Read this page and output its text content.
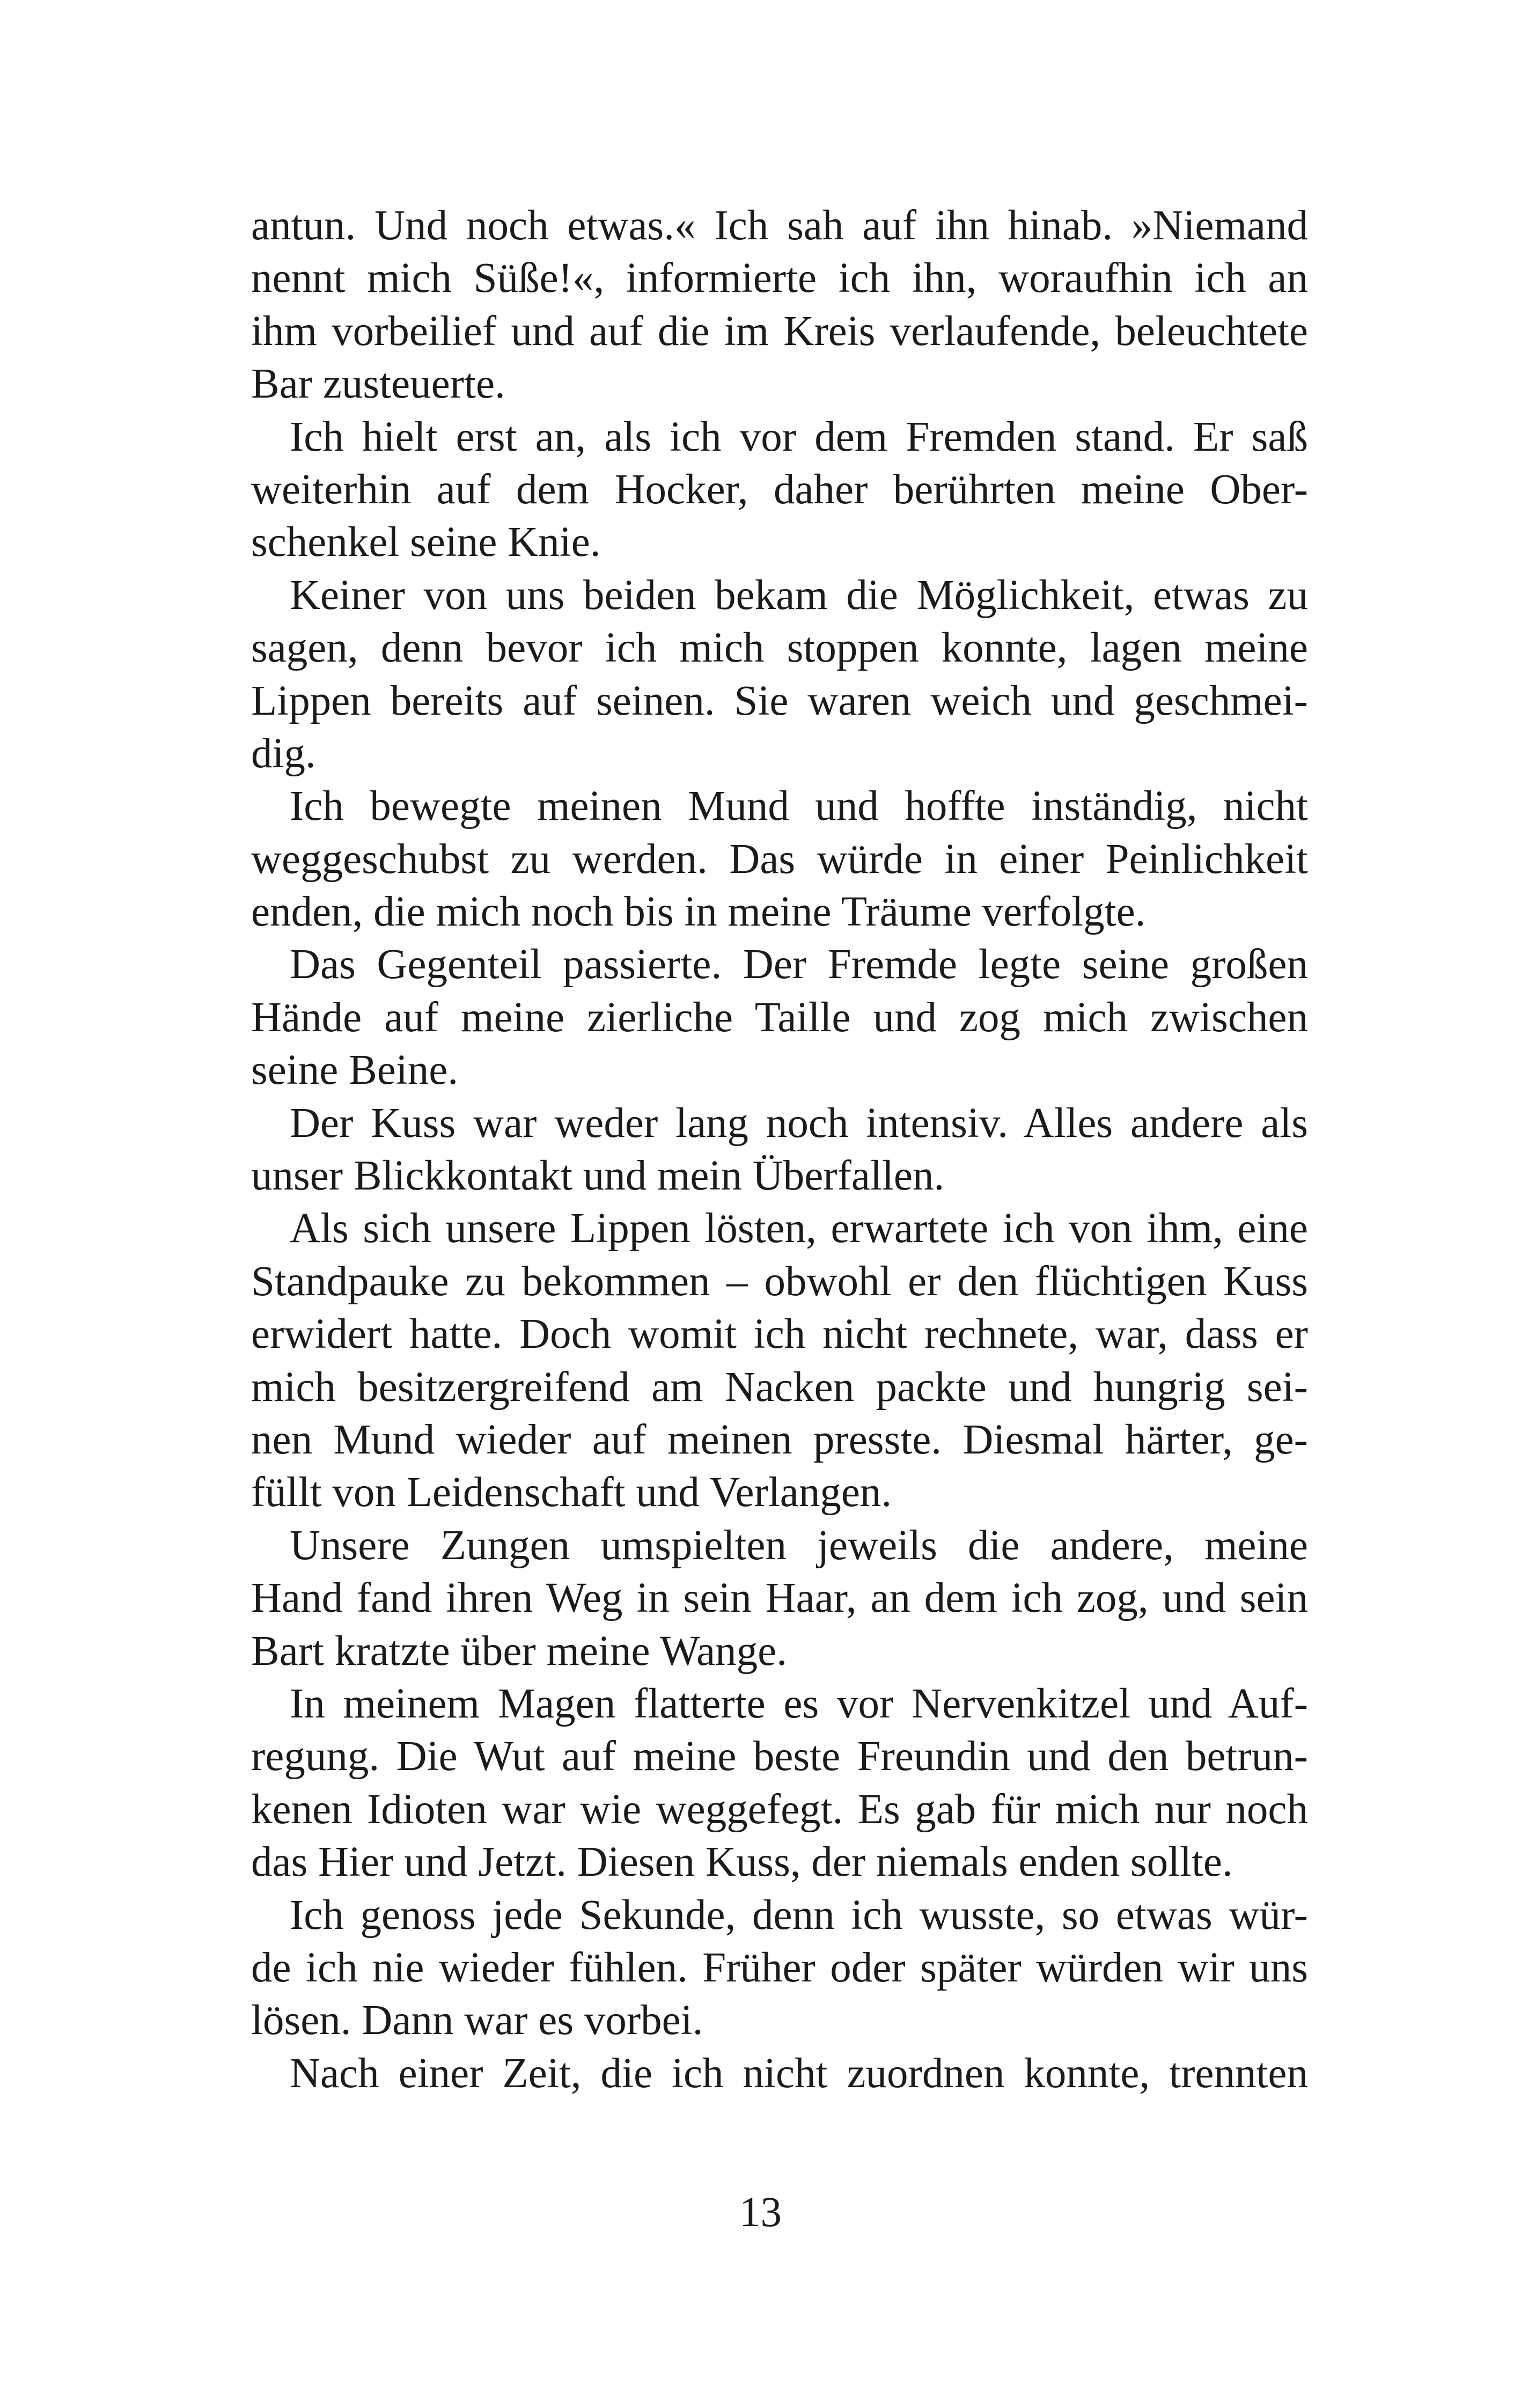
antun. Und noch etwas.« Ich sah auf ihn hinab. »Niemand
nennt mich Süße!«, informierte ich ihn, woraufhin ich an
ihm vorbeilief und auf die im Kreis verlaufende, beleuchtete
Bar zusteuerte.
Ich hielt erst an, als ich vor dem Fremden stand. Er saß
weiterhin auf dem Hocker, daher berührten meine Ober-
schenkel seine Knie.
Keiner von uns beiden bekam die Möglichkeit, etwas zu
sagen, denn bevor ich mich stoppen konnte, lagen meine
Lippen bereits auf seinen. Sie waren weich und geschmei-
dig.
Ich bewegte meinen Mund und hoffte inständig, nicht
weggeschubst zu werden. Das würde in einer Peinlichkeit
enden, die mich noch bis in meine Träume verfolgte.
Das Gegenteil passierte. Der Fremde legte seine großen
Hände auf meine zierliche Taille und zog mich zwischen
seine Beine.
Der Kuss war weder lang noch intensiv. Alles andere als
unser Blickkontakt und mein Überfallen.
Als sich unsere Lippen lösten, erwartete ich von ihm, eine
Standpauke zu bekommen – obwohl er den flüchtigen Kuss
erwidert hatte. Doch womit ich nicht rechnete, war, dass er
mich besitzergreifend am Nacken packte und hungrig sei-
nen Mund wieder auf meinen presste. Diesmal härter, ge-
füllt von Leidenschaft und Verlangen.
Unsere Zungen umspielten jeweils die andere, meine
Hand fand ihren Weg in sein Haar, an dem ich zog, und sein
Bart kratzte über meine Wange.
In meinem Magen flatterte es vor Nervenkitzel und Auf-
regung. Die Wut auf meine beste Freundin und den betrun-
kenen Idioten war wie weggefegt. Es gab für mich nur noch
das Hier und Jetzt. Diesen Kuss, der niemals enden sollte.
Ich genoss jede Sekunde, denn ich wusste, so etwas wür-
de ich nie wieder fühlen. Früher oder später würden wir uns
lösen. Dann war es vorbei.
Nach einer Zeit, die ich nicht zuordnen konnte, trennten
13
